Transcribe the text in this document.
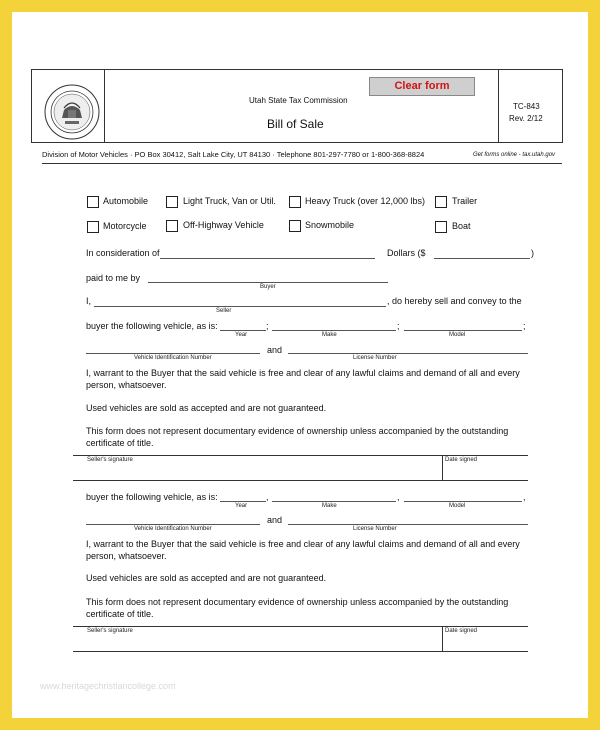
Utah State Tax Commission
Clear form
Bill of Sale
TC-843
Rev. 2/12
Division of Motor Vehicles · PO Box 30412, Salt Lake City, UT 84130 · Telephone 801-297-7780 or 1-800-368-8824	Get forms online - tax.utah.gov
Automobile	Light Truck, Van or Util.	Heavy Truck (over 12,000 lbs)	Trailer
Motorcycle	Off-Highway Vehicle	Snowmobile	Boat
In consideration of	Dollars ($	)
paid to me by
Buyer
I,
Seller
, do hereby sell and convey to the
buyer the following vehicle, as is:	;
Year
;
Make
;
Model
Vehicle Identification Number
and
License Number
I, warrant to the Buyer that the said vehicle is free and clear of any lawful claims and demand of all and every
person, whatsoever.
Used vehicles are sold as accepted and are not guaranteed.
This form does not represent documentary evidence of ownership unless accompanied by the outstanding
certificate of title.
Seller's signature	Date signed
buyer the following vehicle, as is:	,
Year
,
Make
,
Model
Vehicle Identification Number
and
License Number
I, warrant to the Buyer that the said vehicle is free and clear of any lawful claims and demand of all and every
person, whatsoever.
Used vehicles are sold as accepted and are not guaranteed.
This form does not represent documentary evidence of ownership unless accompanied by the outstanding
certificate of title.
Seller's signature	Date signed
www.heritagechristiancollege.com
